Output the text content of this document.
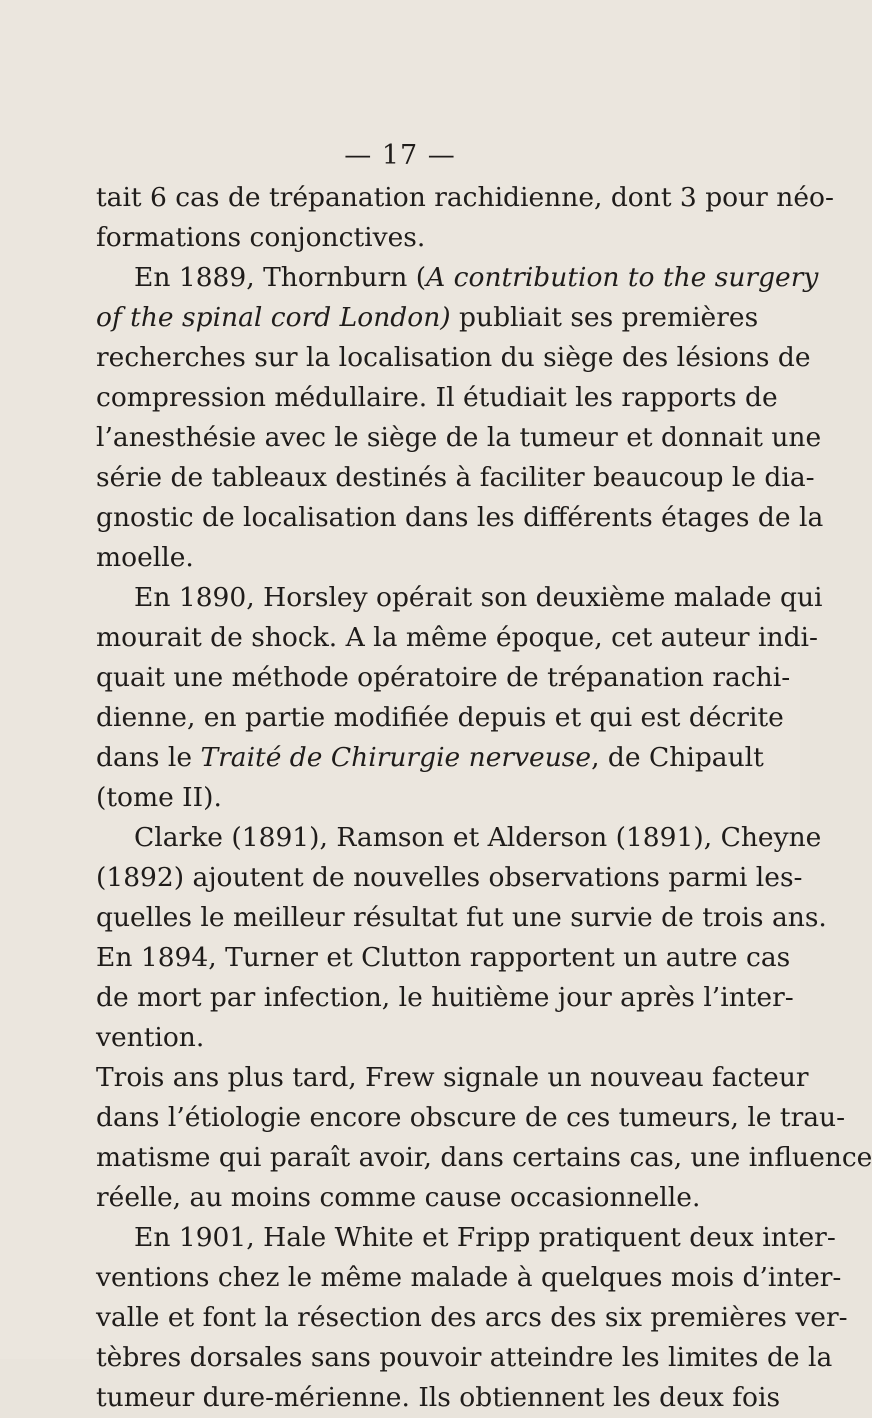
— 17 —
tait 6 cas de trépanation rachidienne, dont 3 pour néo-
formations conjonctives.
En 1889, Thornburn (A contribution to the surgery
of the spinal cord London) publiait ses premières
recherches sur la localisation du siège des lésions de
compression médullaire. Il étudiait les rapports de
l’anesthésie avec le siège de la tumeur et donnait une
série de tableaux destinés à faciliter beaucoup le dia-
gnostic de localisation dans les différents étages de la
moelle.
En 1890, Horsley opérait son deuxième malade qui
mourait de shock. A la même époque, cet auteur indi-
quait une méthode opératoire de trépanation rachi-
dienne, en partie modifiée depuis et qui est décrite
dans le Traité de Chirurgie nerveuse, de Chipault
(tome II).
Clarke (1891), Ramson et Alderson (1891), Cheyne
(1892) ajoutent de nouvelles observations parmi les-
quelles le meilleur résultat fut une survie de trois ans.
En 1894, Turner et Clutton rapportent un autre cas
de mort par infection, le huitième jour après l’inter-
vention.
Trois ans plus tard, Frew signale un nouveau facteur
dans l’étiologie encore obscure de ces tumeurs, le trau-
matisme qui paraît avoir, dans certains cas, une influence
réelle, au moins comme cause occasionnelle.
En 1901, Hale White et Fripp pratiquent deux inter-
ventions chez le même malade à quelques mois d’inter-
valle et font la résection des arcs des six premières ver-
tèbres dorsales sans pouvoir atteindre les limites de la
tumeur dure-mérienne. Ils obtiennent les deux fois
